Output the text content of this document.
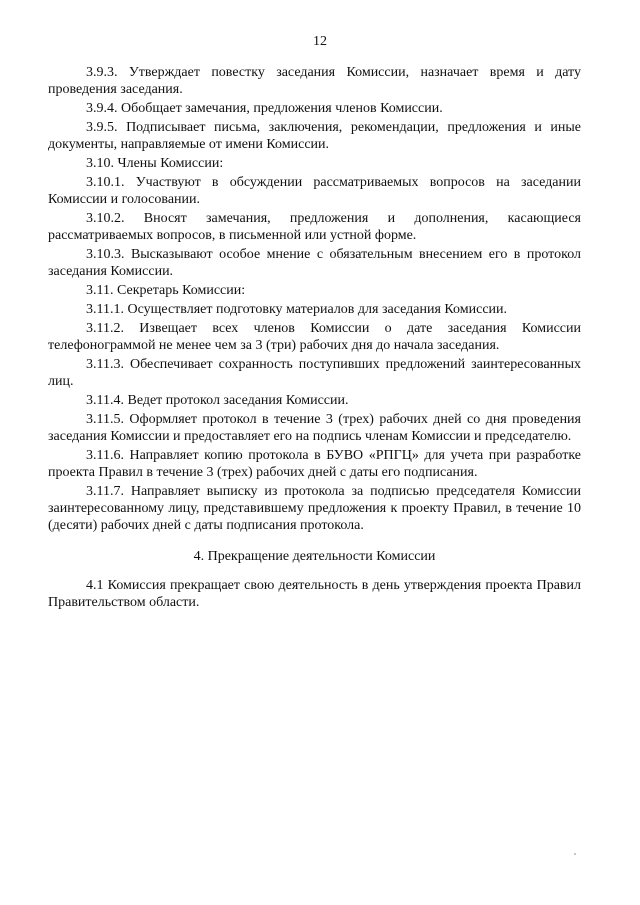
12

3.9.3. Утверждает повестку заседания Комиссии, назначает время и дату проведения заседания.

3.9.4. Обобщает замечания, предложения членов Комиссии.

3.9.5. Подписывает письма, заключения, рекомендации, предложения и иные документы, направляемые от имени Комиссии.

3.10. Члены Комиссии:

3.10.1. Участвуют в обсуждении рассматриваемых вопросов на заседании Комиссии и голосовании.

3.10.2. Вносят замечания, предложения и дополнения, касающиеся рассматриваемых вопросов, в письменной или устной форме.

3.10.3. Высказывают особое мнение с обязательным внесением его в протокол заседания Комиссии.

3.11. Секретарь Комиссии:

3.11.1. Осуществляет подготовку материалов для заседания Комиссии.

3.11.2. Извещает всех членов Комиссии о дате заседания Комиссии телефонограммой не менее чем за 3 (три) рабочих дня до начала заседания.

3.11.3. Обеспечивает сохранность поступивших предложений заинтересованных лиц.

3.11.4. Ведет протокол заседания Комиссии.

3.11.5. Оформляет протокол в течение 3 (трех) рабочих дней со дня проведения заседания Комиссии и предоставляет его на подпись членам Комиссии и председателю.

3.11.6. Направляет копию протокола в БУВО «РПГЦ» для учета при разработке проекта Правил в течение 3 (трех) рабочих дней с даты его подписания.

3.11.7. Направляет выписку из протокола за подписью председателя Комиссии заинтересованному лицу, представившему предложения к проекту Правил, в течение 10 (десяти) рабочих дней с даты подписания протокола.

4. Прекращение деятельности Комиссии

4.1 Комиссия прекращает свою деятельность в день утверждения проекта Правил Правительством области.
